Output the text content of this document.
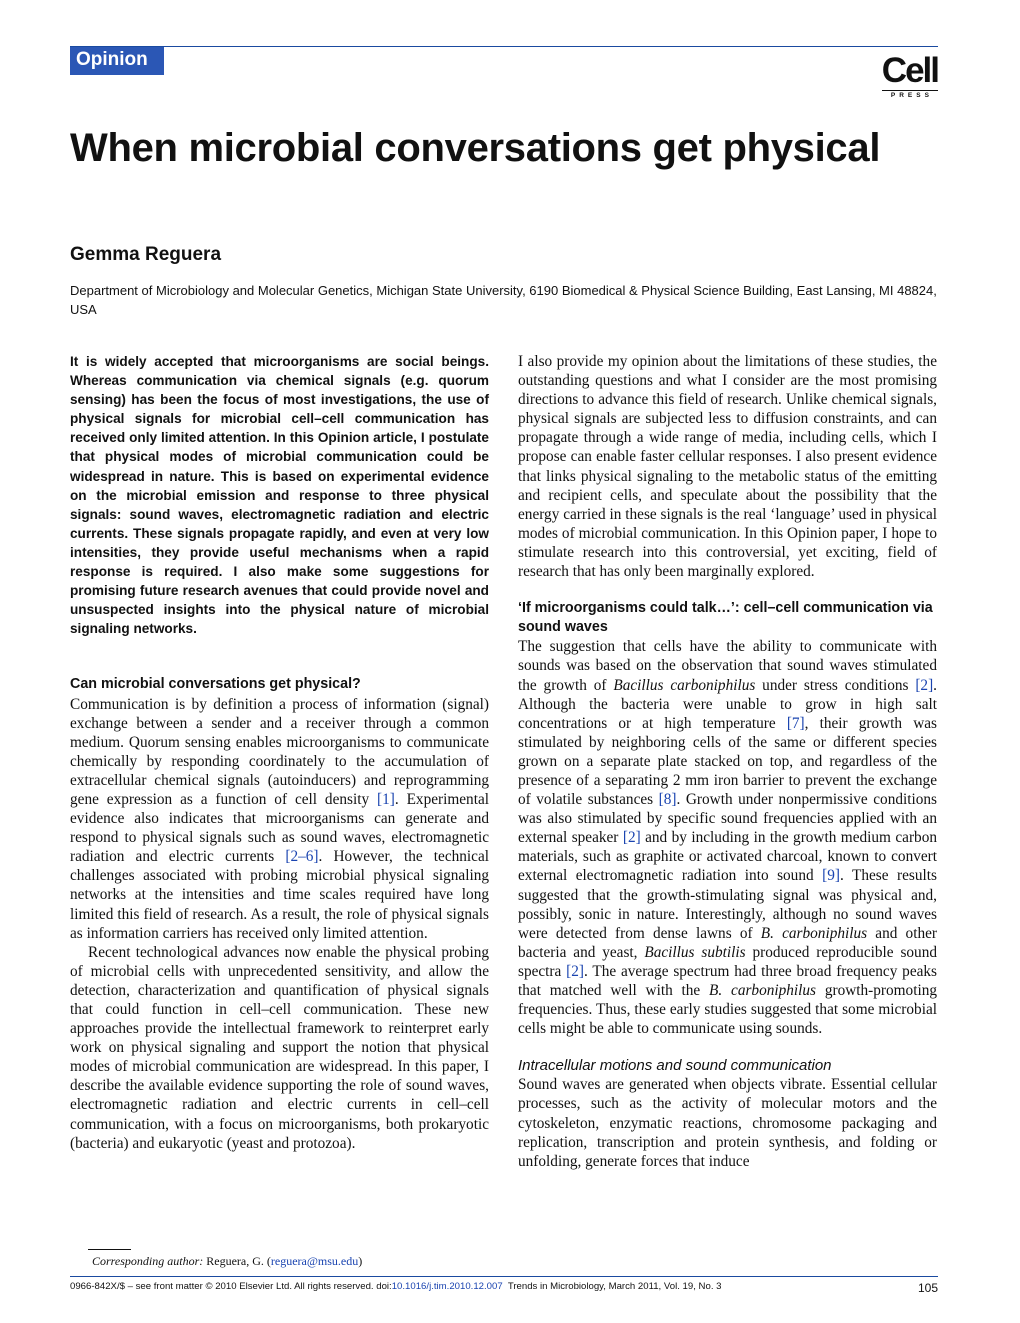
Opinion	Cell
PRESS
When microbial conversations get physical
Gemma Reguera
Department of Microbiology and Molecular Genetics, Michigan State University, 6190 Biomedical & Physical Science Building, East Lansing, MI 48824, USA

It is widely accepted that microorganisms are social beings. Whereas communication via chemical signals (e.g. quorum sensing) has been the focus of most investigations, the use of physical signals for microbial cell–cell communication has received only limited attention. In this Opinion article, I postulate that physical modes of microbial communication could be widespread in nature. This is based on experimental evidence on the microbial emission and response to three physical signals: sound waves, electromagnetic radiation and electric currents. These signals propagate rapidly, and even at very low intensities, they provide useful mechanisms when a rapid response is required. I also make some suggestions for promising future research avenues that could provide novel and unsuspected insights into the physical nature of microbial signaling networks.

Can microbial conversations get physical?

Communication is by definition a process of information (signal) exchange between a sender and a receiver through a common medium. Quorum sensing enables microorganisms to communicate chemically by responding coordinately to the accumulation of extracellular chemical signals (autoinducers) and reprogramming gene expression as a function of cell density [1]. Experimental evidence also indicates that microorganisms can generate and respond to physical signals such as sound waves, electromagnetic radiation and electric currents [2–6]. However, the technical challenges associated with probing microbial physical signaling networks at the intensities and time scales required have long limited this field of research. As a result, the role of physical signals as information carriers has received only limited attention.

Recent technological advances now enable the physical probing of microbial cells with unprecedented sensitivity, and allow the detection, characterization and quantification of physical signals that could function in cell–cell communication. These new approaches provide the intellectual framework to reinterpret early work on physical signaling and support the notion that physical modes of microbial communication are widespread. In this paper, I describe the available evidence supporting the role of sound waves, electromagnetic radiation and electric currents in cell–cell communication, with a focus on microorganisms, both prokaryotic (bacteria) and eukaryotic (yeast and protozoa).

I also provide my opinion about the limitations of these studies, the outstanding questions and what I consider are the most promising directions to advance this field of research. Unlike chemical signals, physical signals are subjected less to diffusion constraints, and can propagate through a wide range of media, including cells, which I propose can enable faster cellular responses. I also present evidence that links physical signaling to the metabolic status of the emitting and recipient cells, and speculate about the possibility that the energy carried in these signals is the real ‘language’ used in physical modes of microbial communication. In this Opinion paper, I hope to stimulate research into this controversial, yet exciting, field of research that has only been marginally explored.

‘If microorganisms could talk…’: cell–cell communication via sound waves

The suggestion that cells have the ability to communicate with sounds was based on the observation that sound waves stimulated the growth of Bacillus carboniphilus under stress conditions [2]. Although the bacteria were unable to grow in high salt concentrations or at high temperature [7], their growth was stimulated by neighboring cells of the same or different species grown on a separate plate stacked on top, and regardless of the presence of a separating 2 mm iron barrier to prevent the exchange of volatile substances [8]. Growth under nonpermissive conditions was also stimulated by specific sound frequencies applied with an external speaker [2] and by including in the growth medium carbon materials, such as graphite or activated charcoal, known to convert external electromagnetic radiation into sound [9]. These results suggested that the growth-stimulating signal was physical and, possibly, sonic in nature. Interestingly, although no sound waves were detected from dense lawns of B. carboniphilus and other bacteria and yeast, Bacillus subtilis produced reproducible sound spectra [2]. The average spectrum had three broad frequency peaks that matched well with the B. carboniphilus growth-promoting frequencies. Thus, these early studies suggested that some microbial cells might be able to communicate using sounds.

Intracellular motions and sound communication

Sound waves are generated when objects vibrate. Essential cellular processes, such as the activity of molecular motors and the cytoskeleton, enzymatic reactions, chromosome packaging and replication, transcription and protein synthesis, and folding or unfolding, generate forces that induce

Corresponding author: Reguera, G. (reguera@msu.edu)
0966-842X/$ – see front matter © 2010 Elsevier Ltd. All rights reserved. doi:10.1016/j.tim.2010.12.007  Trends in Microbiology, March 2011, Vol. 19, No. 3	105
